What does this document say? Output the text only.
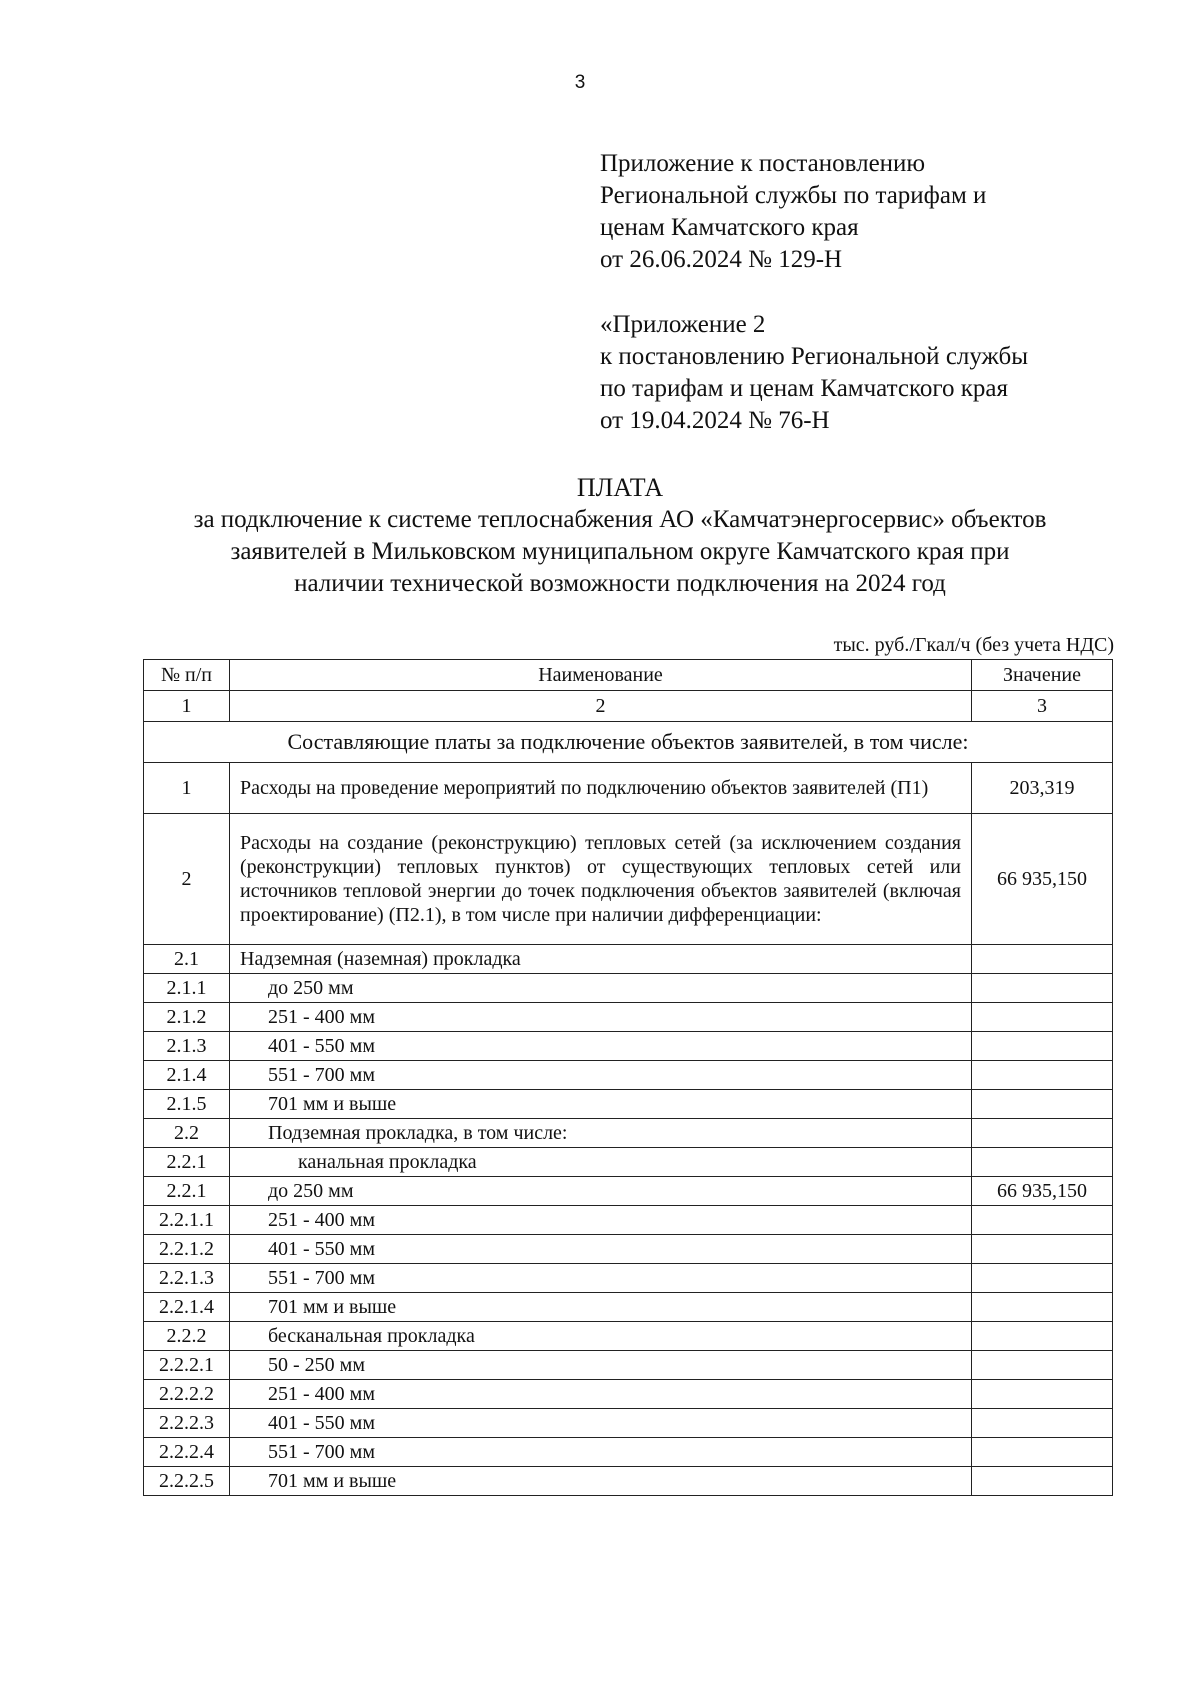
3
Приложение к постановлению
Региональной службы по тарифам и
ценам Камчатского края
от 26.06.2024 № 129-Н
«Приложение 2
к постановлению Региональной службы
по тарифам и ценам Камчатского края
от 19.04.2024 № 76-Н
ПЛАТА
за подключение к системе теплоснабжения АО «Камчатэнергосервис» объектов
заявителей в Мильковском муниципальном округе Камчатского края при
наличии технической возможности подключения на 2024 год
тыс. руб./Гкал/ч (без учета НДС)
№ п/п	Наименование	Значение
1	2	3
Составляющие платы за подключение объектов заявителей, в том числе:		
1	Расходы на проведение мероприятий по подключению объектов заявителей (П1)	203,319
2	Расходы на создание (реконструкцию) тепловых сетей (за исключением создания (реконструкции) тепловых пунктов) от существующих тепловых сетей или источников тепловой энергии до точек подключения объектов заявителей (включая проектирование) (П2.1), в том числе при наличии дифференциации:	66 935,150
2.1	Надземная (наземная) прокладка	
2.1.1	до 250 мм	
2.1.2	251 - 400 мм	
2.1.3	401 - 550 мм	
2.1.4	551 - 700 мм	
2.1.5	701 мм и выше	
2.2	Подземная прокладка, в том числе:	
2.2.1	канальная прокладка	
2.2.1	до 250 мм	66 935,150
2.2.1.1	251 - 400 мм	
2.2.1.2	401 - 550 мм	
2.2.1.3	551 - 700 мм	
2.2.1.4	701 мм и выше	
2.2.2	бесканальная прокладка	
2.2.2.1	50 - 250 мм	
2.2.2.2	251 - 400 мм	
2.2.2.3	401 - 550 мм	
2.2.2.4	551 - 700 мм	
2.2.2.5	701 мм и выше	
